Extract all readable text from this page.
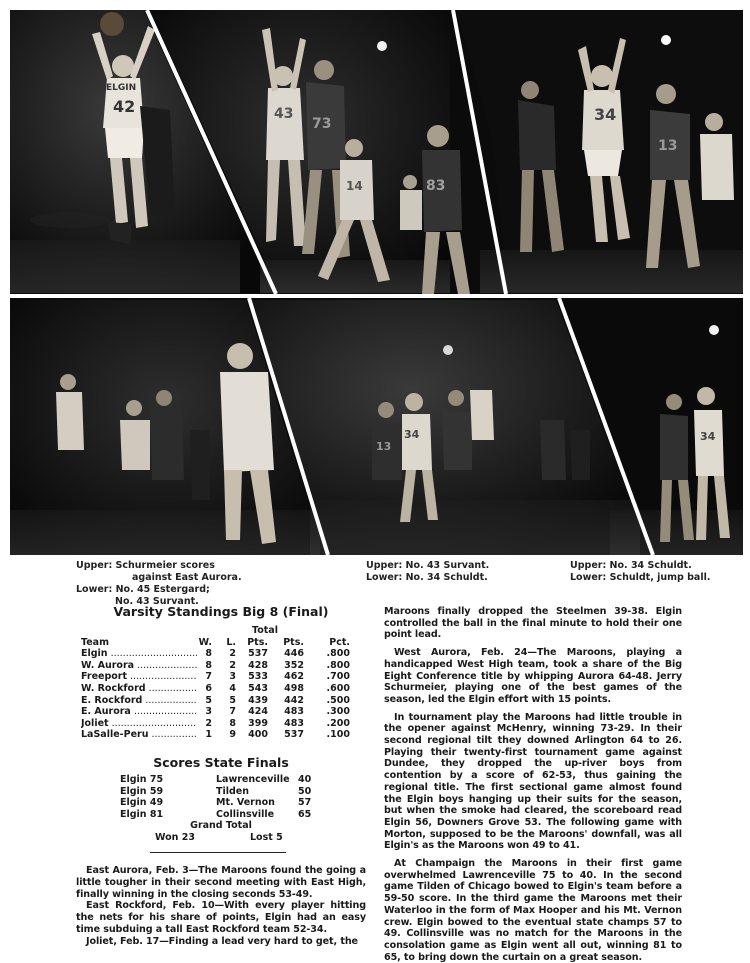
ELGIN
42	43
73
14	83
34
13
34
13
34
Upper: Schurmeier scores
against East Aurora.
Lower: No. 45 Estergard;
No. 43 Survant.
Upper: No. 43 Survant.
Lower: No. 34 Schuldt.
Upper: No. 34 Schuldt.
Lower: Schuldt, jump ball.
Varsity Standings Big 8 (Final)
Total
Team	W.	L.	Pts.	Pts.	Pct.
Elgin .....	8	2	537	446	.800
W. Aurora .....	8	2	428	352	.800
Freeport .....	7	3	533	462	.700
W. Rockford .....	6	4	543	498	.600
E. Rockford .....	5	5	439	442	.500
E. Aurora .....	3	7	424	483	.300
Joliet .....	2	8	399	483	.200
LaSalle-Peru .....	1	9	400	537	.100
Scores State Finals
Elgin 75	Lawrenceville 40
Elgin 59	Tilden	50
Elgin 49	Mt. Vernon 57
Elgin 81	Collinsville	65
Grand Total
Won 23	Lost 5

East Aurora, Feb. 3—The Maroons found the going a little tougher in their second meeting with East High, finally winning in the closing seconds 53-49.

East Rockford, Feb. 10—With every player hitting the nets for his share of points, Elgin had an easy time subduing a tall East Rockford team 52-34.

Joliet, Feb. 17—Finding a lead very hard to get, the

Maroons finally dropped the Steelmen 39-38. Elgin controlled the ball in the final minute to hold their one point lead.

West Aurora, Feb. 24—The Maroons, playing a handicapped West High team, took a share of the Big Eight Conference title by whipping Aurora 64-48. Jerry Schurmeier, playing one of the best games of the season, led the Elgin effort with 15 points.

In tournament play the Maroons had little trouble in the opener against McHenry, winning 73-29. In their second regional tilt they downed Arlington 64 to 26. Playing their twenty-first tournament game against Dundee, they dropped the up-river boys from contention by a score of 62-53, thus gaining the regional title. The first sectional game almost found the Elgin boys hanging up their suits for the season, but when the smoke had cleared, the scoreboard read Elgin 56, Downers Grove 53. The following game with Morton, supposed to be the Maroons' downfall, was all Elgin's as the Maroons won 49 to 41.

At Champaign the Maroons in their first game overwhelmed Lawrenceville 75 to 40. In the second game Tilden of Chicago bowed to Elgin's team before a 59-50 score. In the third game the Maroons met their Waterloo in the form of Max Hooper and his Mt. Vernon crew. Elgin bowed to the eventual state champs 57 to 49. Collinsville was no match for the Maroons in the consolation game as Elgin went all out, winning 81 to 65, to bring down the curtain on a great season.
